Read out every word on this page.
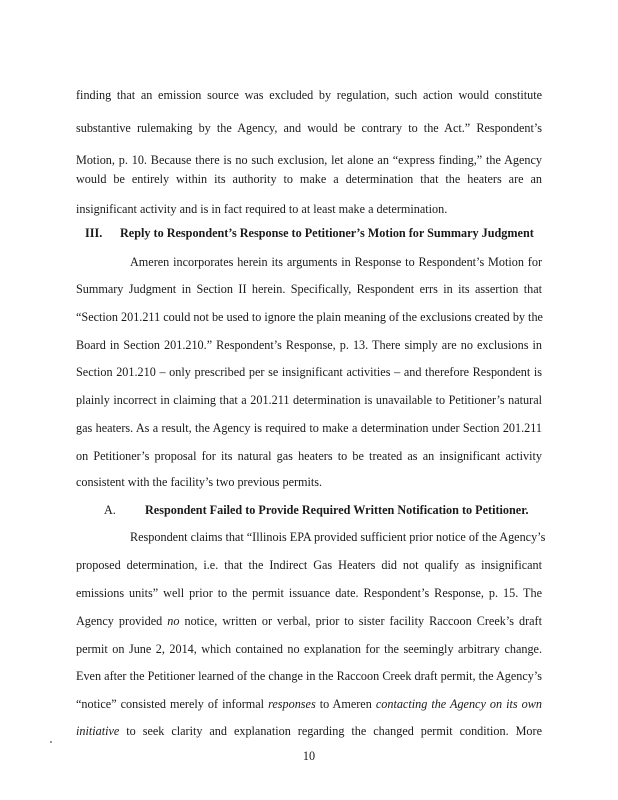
finding that an emission source was excluded by regulation, such action would constitute
substantive rulemaking by the Agency, and would be contrary to the Act.” Respondent’s
Motion, p. 10. Because there is no such exclusion, let alone an “express finding,” the Agency
would be entirely within its authority to make a determination that the heaters are an
insignificant activity and is in fact required to at least make a determination.
III. Reply to Respondent’s Response to Petitioner’s Motion for Summary Judgment
Ameren incorporates herein its arguments in Response to Respondent’s Motion for
Summary Judgment in Section II herein. Specifically, Respondent errs in its assertion that
“Section 201.211 could not be used to ignore the plain meaning of the exclusions created by the
Board in Section 201.210.” Respondent’s Response, p. 13. There simply are no exclusions in
Section 201.210 – only prescribed per se insignificant activities – and therefore Respondent is
plainly incorrect in claiming that a 201.211 determination is unavailable to Petitioner’s natural
gas heaters. As a result, the Agency is required to make a determination under Section 201.211
on Petitioner’s proposal for its natural gas heaters to be treated as an insignificant activity
consistent with the facility’s two previous permits.
A. Respondent Failed to Provide Required Written Notification to Petitioner.
Respondent claims that “Illinois EPA provided sufficient prior notice of the Agency’s
proposed determination, i.e. that the Indirect Gas Heaters did not qualify as insignificant
emissions units” well prior to the permit issuance date. Respondent’s Response, p. 15. The
Agency provided no notice, written or verbal, prior to sister facility Raccoon Creek’s draft
permit on June 2, 2014, which contained no explanation for the seemingly arbitrary change.
Even after the Petitioner learned of the change in the Raccoon Creek draft permit, the Agency’s
“notice” consisted merely of informal responses to Ameren contacting the Agency on its own
initiative to seek clarity and explanation regarding the changed permit condition. More
10
